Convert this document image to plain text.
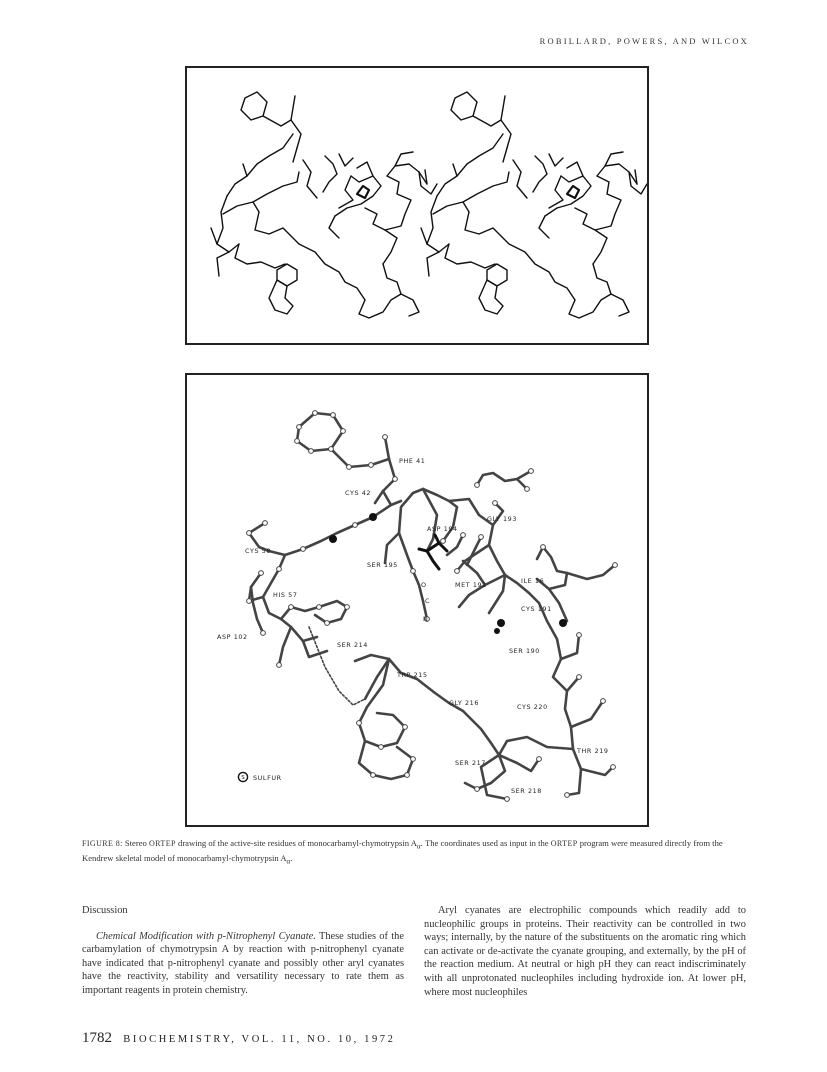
ROBILLARD, POWERS, AND WILCOX
PHE 41
CYS 42
GLY 193
ASP 194
CYS 58
SER 195
MET 192	ILE 16
HIS 57
O
C
N
CYS 191
ASP 102
SER 214
SER 190
TRP 215
GLY 216	CYS 220
THR 219
SER 217
SER 218
S SULFUR
FIGURE 8: Stereo ORTEP drawing of the active-site residues of monocarbamyl-chymotrypsin $A_\alpha$. The coordinates used as input in the ORTEP program were measured directly from the Kendrew skeletal model of monocarbamyl-chymotrypsin $A_\alpha$.

Discussion

Chemical Modification with p-Nitrophenyl Cyanate. These studies of the carbamylation of chymotrypsin A by reaction with p-nitrophenyl cyanate have indicated that p-nitrophenyl cyanate and possibly other aryl cyanates have the reactivity, stability and versatility necessary to rate them as important reagents in protein chemistry.

Aryl cyanates are electrophilic compounds which readily add to nucleophilic groups in proteins. Their reactivity can be controlled in two ways; internally, by the nature of the substituents on the aromatic ring which can activate or de-activate the cyanate grouping, and externally, by the pH of the reaction medium. At neutral or high pH they can react indiscriminately with all unprotonated nucleophiles including hydroxide ion. At lower pH, where most nucleophiles

1782 BIOCHEMISTRY, VOL. 11, NO. 10, 1972
